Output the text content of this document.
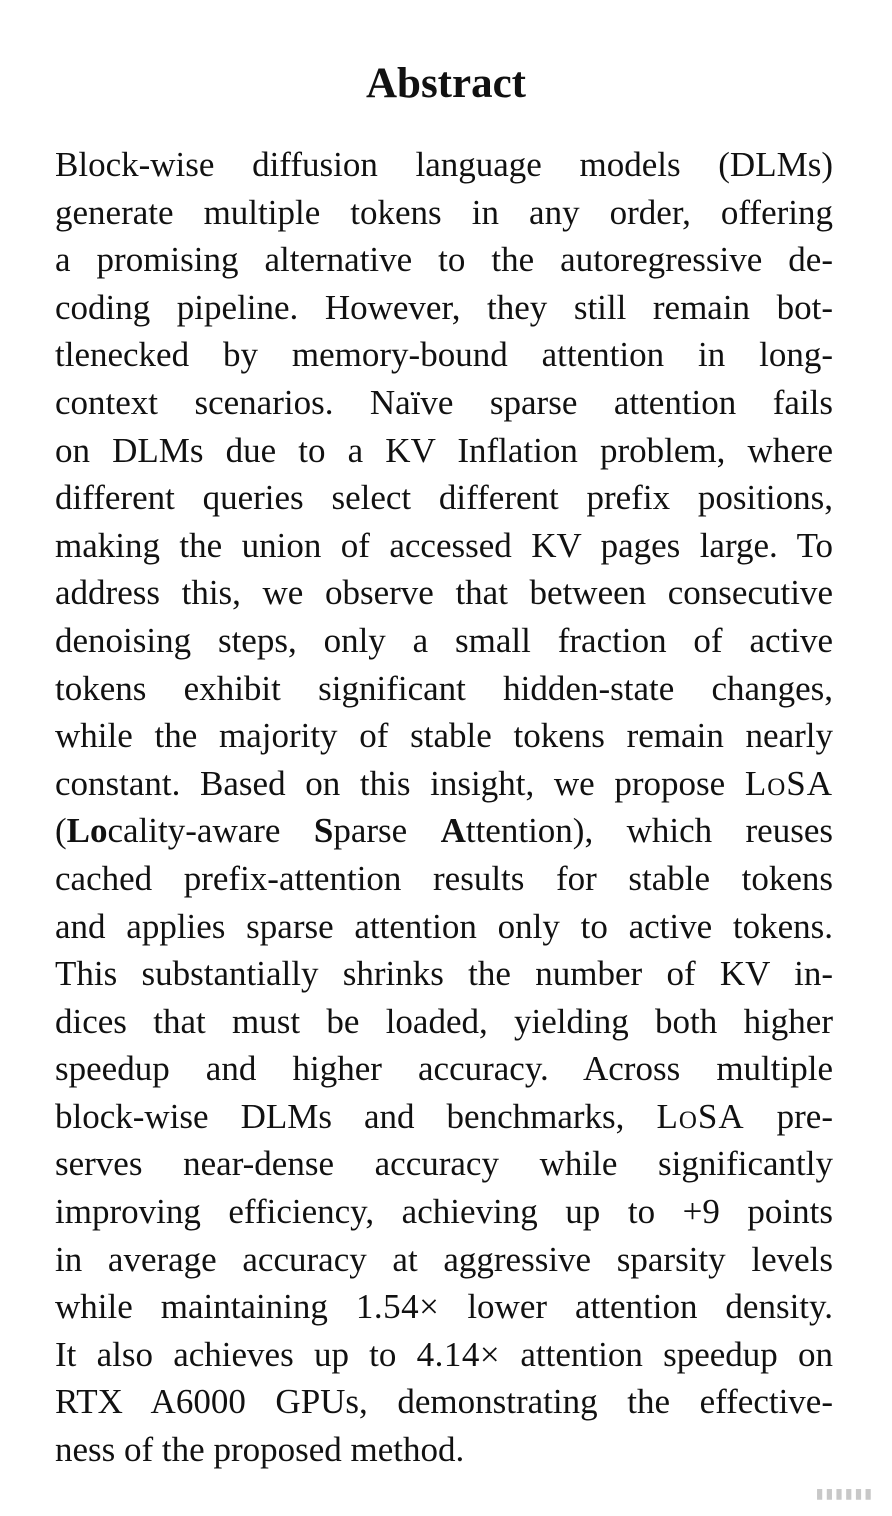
Abstract
Block-wise diffusion language models (DLMs)
generate multiple tokens in any order, offering
a promising alternative to the autoregressive de-
coding pipeline. However, they still remain bot-
tlenecked by memory-bound attention in long-
context scenarios. Naïve sparse attention fails
on DLMs due to a KV Inflation problem, where
different queries select different prefix positions,
making the union of accessed KV pages large. To
address this, we observe that between consecutive
denoising steps, only a small fraction of active
tokens exhibit significant hidden-state changes,
while the majority of stable tokens remain nearly
constant. Based on this insight, we propose LoSA
(Locality-aware Sparse Attention), which reuses
cached prefix-attention results for stable tokens
and applies sparse attention only to active tokens.
This substantially shrinks the number of KV in-
dices that must be loaded, yielding both higher
speedup and higher accuracy. Across multiple
block-wise DLMs and benchmarks, LoSA pre-
serves near-dense accuracy while significantly
improving efficiency, achieving up to +9 points
in average accuracy at aggressive sparsity levels
while maintaining 1.54× lower attention density.
It also achieves up to 4.14× attention speedup on
RTX A6000 GPUs, demonstrating the effective-
ness of the proposed method.
▮▮▮▮▮▮
